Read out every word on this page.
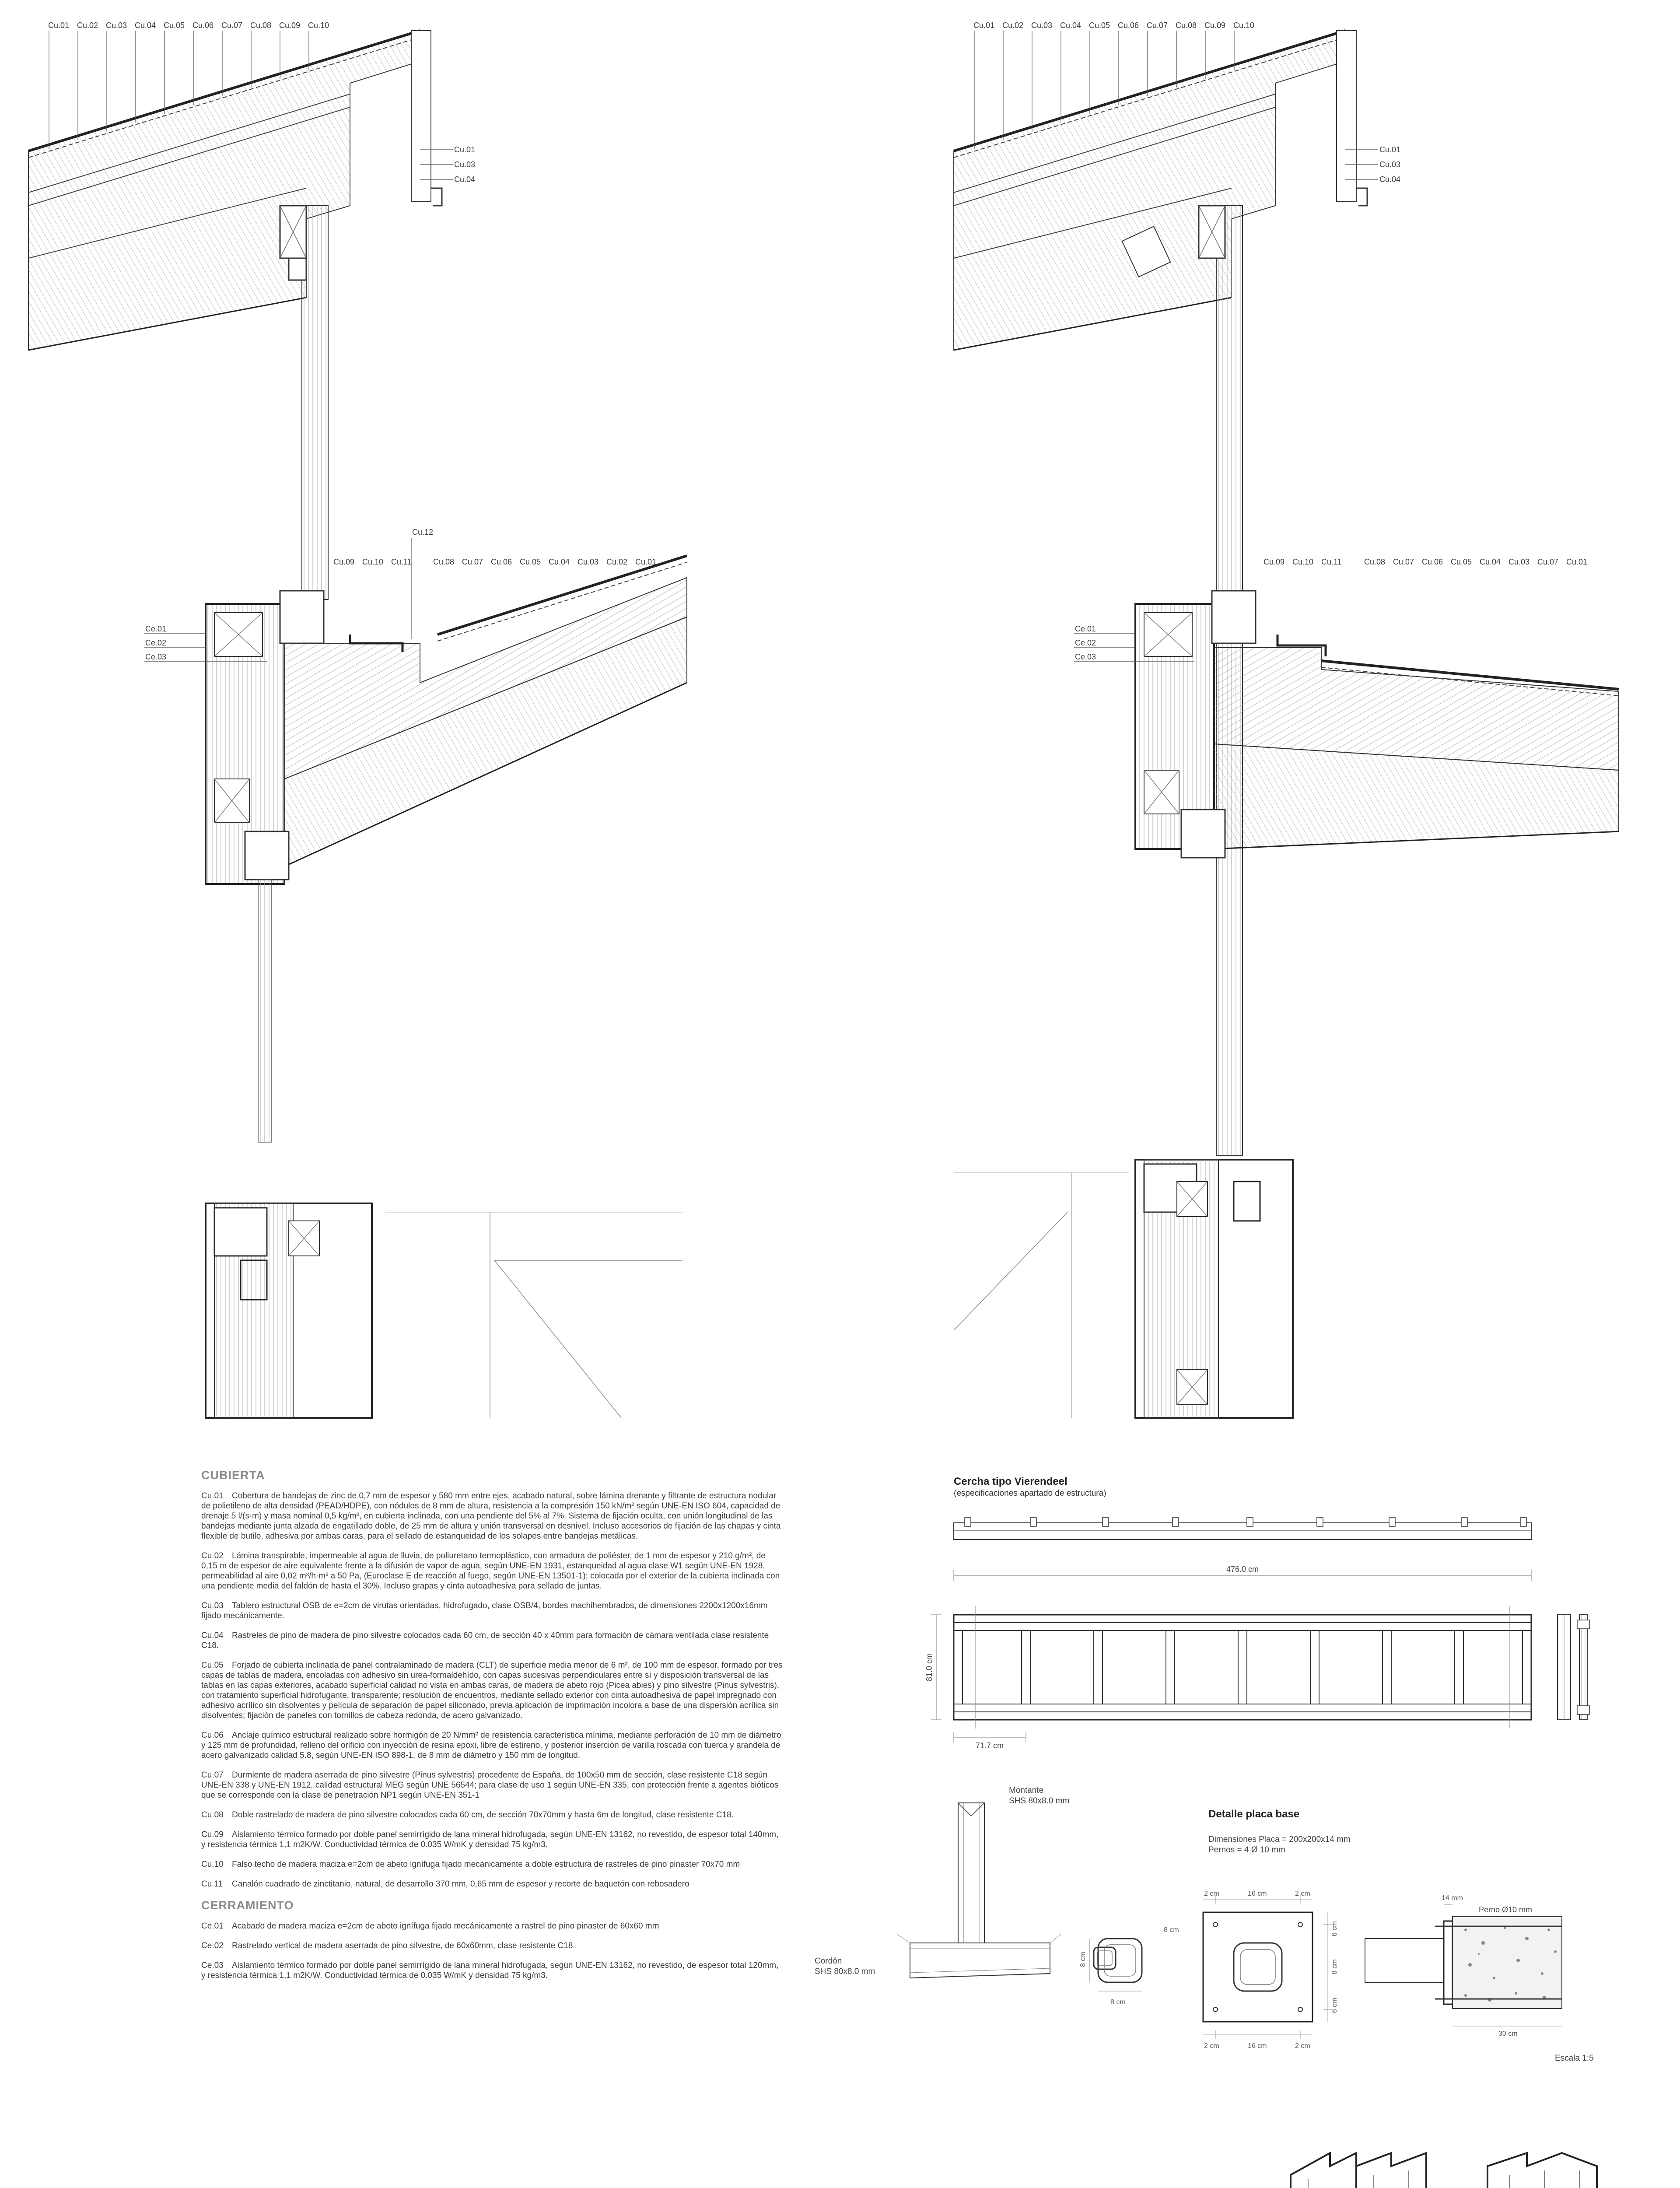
Cu.01 Cu.02 Cu.03 Cu.04 Cu.05 Cu.06 Cu.07 Cu.08 Cu.09 Cu.10
Cu.01
Cu.03
Cu.04
Cu.12
Cu.09 Cu.10 Cu.11	Cu.08 Cu.07 Cu.06 Cu.05 Cu.04 Cu.03 Cu.02 Cu.01
Ce.01
Ce.02
Ce.03
Cu.01 Cu.02 Cu.03 Cu.04 Cu.05 Cu.06 Cu.07 Cu.08 Cu.09 Cu.10
Cu.01
Cu.03
Cu.04
Cu.09 Cu.10 Cu.11	Cu.08 Cu.07 Cu.06 Cu.05 Cu.04 Cu.03 Cu.07 Cu.01
Ce.01
Ce.02
Ce.03
CUBIERTA

Cu.01 Cobertura de bandejas de zinc de 0,7 mm de espesor y 580 mm entre ejes, acabado natural, sobre lámina drenante y filtrante de estructura nodular de polietileno de alta densidad (PEAD/HDPE), con nódulos de 8 mm de altura, resistencia a la compresión 150 kN/m² según UNE-EN ISO 604, capacidad de drenaje 5 l/(s·m) y masa nominal 0,5 kg/m², en cubierta inclinada, con una pendiente del 5% al 7%. Sistema de fijación oculta, con unión longitudinal de las bandejas mediante junta alzada de engatillado doble, de 25 mm de altura y unión transversal en desnivel. Incluso accesorios de fijación de las chapas y cinta flexible de butilo, adhesiva por ambas caras, para el sellado de estanqueidad de los solapes entre bandejas metálicas.

Cu.02 Lámina transpirable, impermeable al agua de lluvia, de poliuretano termoplástico, con armadura de poliéster, de 1 mm de espesor y 210 g/m², de 0,15 m de espesor de aire equivalente frente a la difusión de vapor de agua, según UNE-EN 1931, estanqueidad al agua clase W1 según UNE-EN 1928, permeabilidad al aire 0,02 m³/h·m² a 50 Pa, (Euroclase E de reacción al fuego, según UNE-EN 13501-1); colocada por el exterior de la cubierta inclinada con una pendiente media del faldón de hasta el 30%. Incluso grapas y cinta autoadhesiva para sellado de juntas.

Cu.03 Tablero estructural OSB de e=2cm de virutas orientadas, hidrofugado, clase OSB/4, bordes machihembrados, de dimensiones 2200x1200x16mm fijado mecánicamente.

Cu.04 Rastreles de pino de madera de pino silvestre colocados cada 60 cm, de sección 40 x 40mm para formación de cámara ventilada clase resistente C18.

Cu.05 Forjado de cubierta inclinada de panel contralaminado de madera (CLT) de superficie media menor de 6 m², de 100 mm de espesor, formado por tres capas de tablas de madera, encoladas con adhesivo sin urea-formaldehído, con capas sucesivas perpendiculares entre sí y disposición transversal de las tablas en las capas exteriores, acabado superficial calidad no vista en ambas caras, de madera de abeto rojo (Picea abies) y pino silvestre (Pinus sylvestris), con tratamiento superficial hidrofugante, transparente; resolución de encuentros, mediante sellado exterior con cinta autoadhesiva de papel impregnado con adhesivo acrílico sin disolventes y película de separación de papel siliconado, previa aplicación de imprimación incolora a base de una dispersión acrílica sin disolventes; fijación de paneles con tornillos de cabeza redonda, de acero galvanizado.

Cu.06 Anclaje químico estructural realizado sobre hormigón de 20 N/mm² de resistencia característica mínima, mediante perforación de 10 mm de diámetro y 125 mm de profundidad, relleno del orificio con inyección de resina epoxi, libre de estireno, y posterior inserción de varilla roscada con tuerca y arandela de acero galvanizado calidad 5.8, según UNE-EN ISO 898-1, de 8 mm de diámetro y 150 mm de longitud.

Cu.07 Durmiente de madera aserrada de pino silvestre (Pinus sylvestris) procedente de España, de 100x50 mm de sección, clase resistente C18 según UNE-EN 338 y UNE-EN 1912, calidad estructural MEG según UNE 56544; para clase de uso 1 según UNE-EN 335, con protección frente a agentes bióticos que se corresponde con la clase de penetración NP1 según UNE-EN 351-1

Cu.08 Doble rastrelado de madera de pino silvestre colocados cada 60 cm, de sección 70x70mm y hasta 6m de longitud, clase resistente C18.

Cu.09 Aislamiento térmico formado por doble panel semirrígido de lana mineral hidrofugada, según UNE-EN 13162, no revestido, de espesor total 140mm, y resistencia térmica 1,1 m2K/W. Conductividad térmica de 0.035 W/mK y densidad 75 kg/m3.

Cu.10 Falso techo de madera maciza e=2cm de abeto ignífuga fijado mecánicamente a doble estructura de rastreles de pino pinaster 70x70 mm

Cu.11 Canalón cuadrado de zinctitanio, natural, de desarrollo 370 mm, 0,65 mm de espesor y recorte de baquetón con rebosadero

CERRAMIENTO

Ce.01 Acabado de madera maciza e=2cm de abeto ignífuga fijado mecánicamente a rastrel de pino pinaster de 60x60 mm

Ce.02 Rastrelado vertical de madera aserrada de pino silvestre, de 60x60mm, clase resistente C18.

Ce.03 Aislamiento térmico formado por doble panel semirrígido de lana mineral hidrofugada, según UNE-EN 13162, no revestido, de espesor total 120mm, y resistencia térmica 1,1 m2K/W. Conductividad térmica de 0.035 W/mK y densidad 75 kg/m3.

Cercha tipo Vierendeel
(especificaciones apartado de estructura)
476.0 cm
81.0 cm
71.7 cm
Montante
SHS 80x8.0 mm
Cordón
SHS 80x8.0 mm
Detalle placa base
Dimensiones Placa = 200x200x14 mm
Pernos = 4 Ø 10 mm
8 cm
8 cm
8 cm
2 cm	16 cm	2 cm
6 cm
8 cm
6 cm
2 cm	16 cm	2 cm
14 mm
Perno Ø10 mm
30 cm
Escala 1:5
